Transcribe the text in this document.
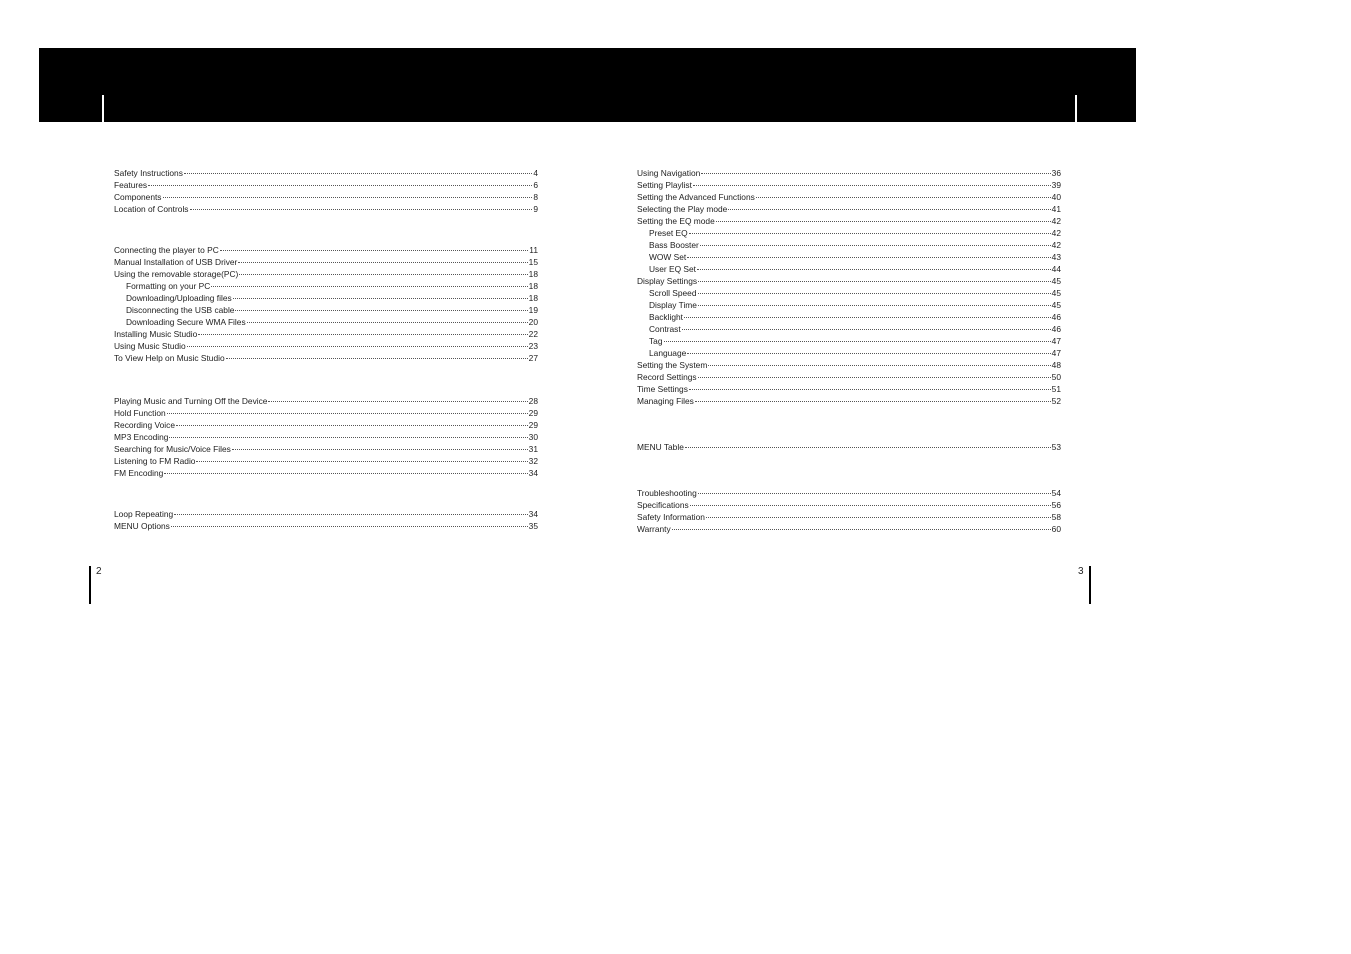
Safety Instructions	4
Features	6
Components	8
Location of Controls	9
Connecting the player to PC	11
Manual Installation of USB Driver	15
Using the removable storage(PC)	18
Formatting on your PC	18
Downloading/Uploading files	18
Disconnecting the USB cable	19
Downloading Secure WMA Files	20
Installing Music Studio	22
Using Music Studio	23
To View Help on Music Studio	27
Playing Music and Turning Off the Device	28
Hold Function	29
Recording Voice	29
MP3 Encoding	30
Searching for Music/Voice Files	31
Listening to FM Radio	32
FM Encoding	34
Loop Repeating	34
MENU Options	35
Using Navigation	36
Setting Playlist	39
Setting the Advanced Functions	40
Selecting the Play mode	41
Setting the EQ mode	42
Preset EQ	42
Bass Booster	42
WOW Set	43
User EQ Set	44
Display Settings	45
Scroll Speed	45
Display Time	45
Backlight	46
Contrast	46
Tag	47
Language	47
Setting the System	48
Record Settings	50
Time Settings	51
Managing Files	52
MENU Table	53
Troubleshooting	54
Specifications	56
Safety Information	58
Warranty	60
2	3
